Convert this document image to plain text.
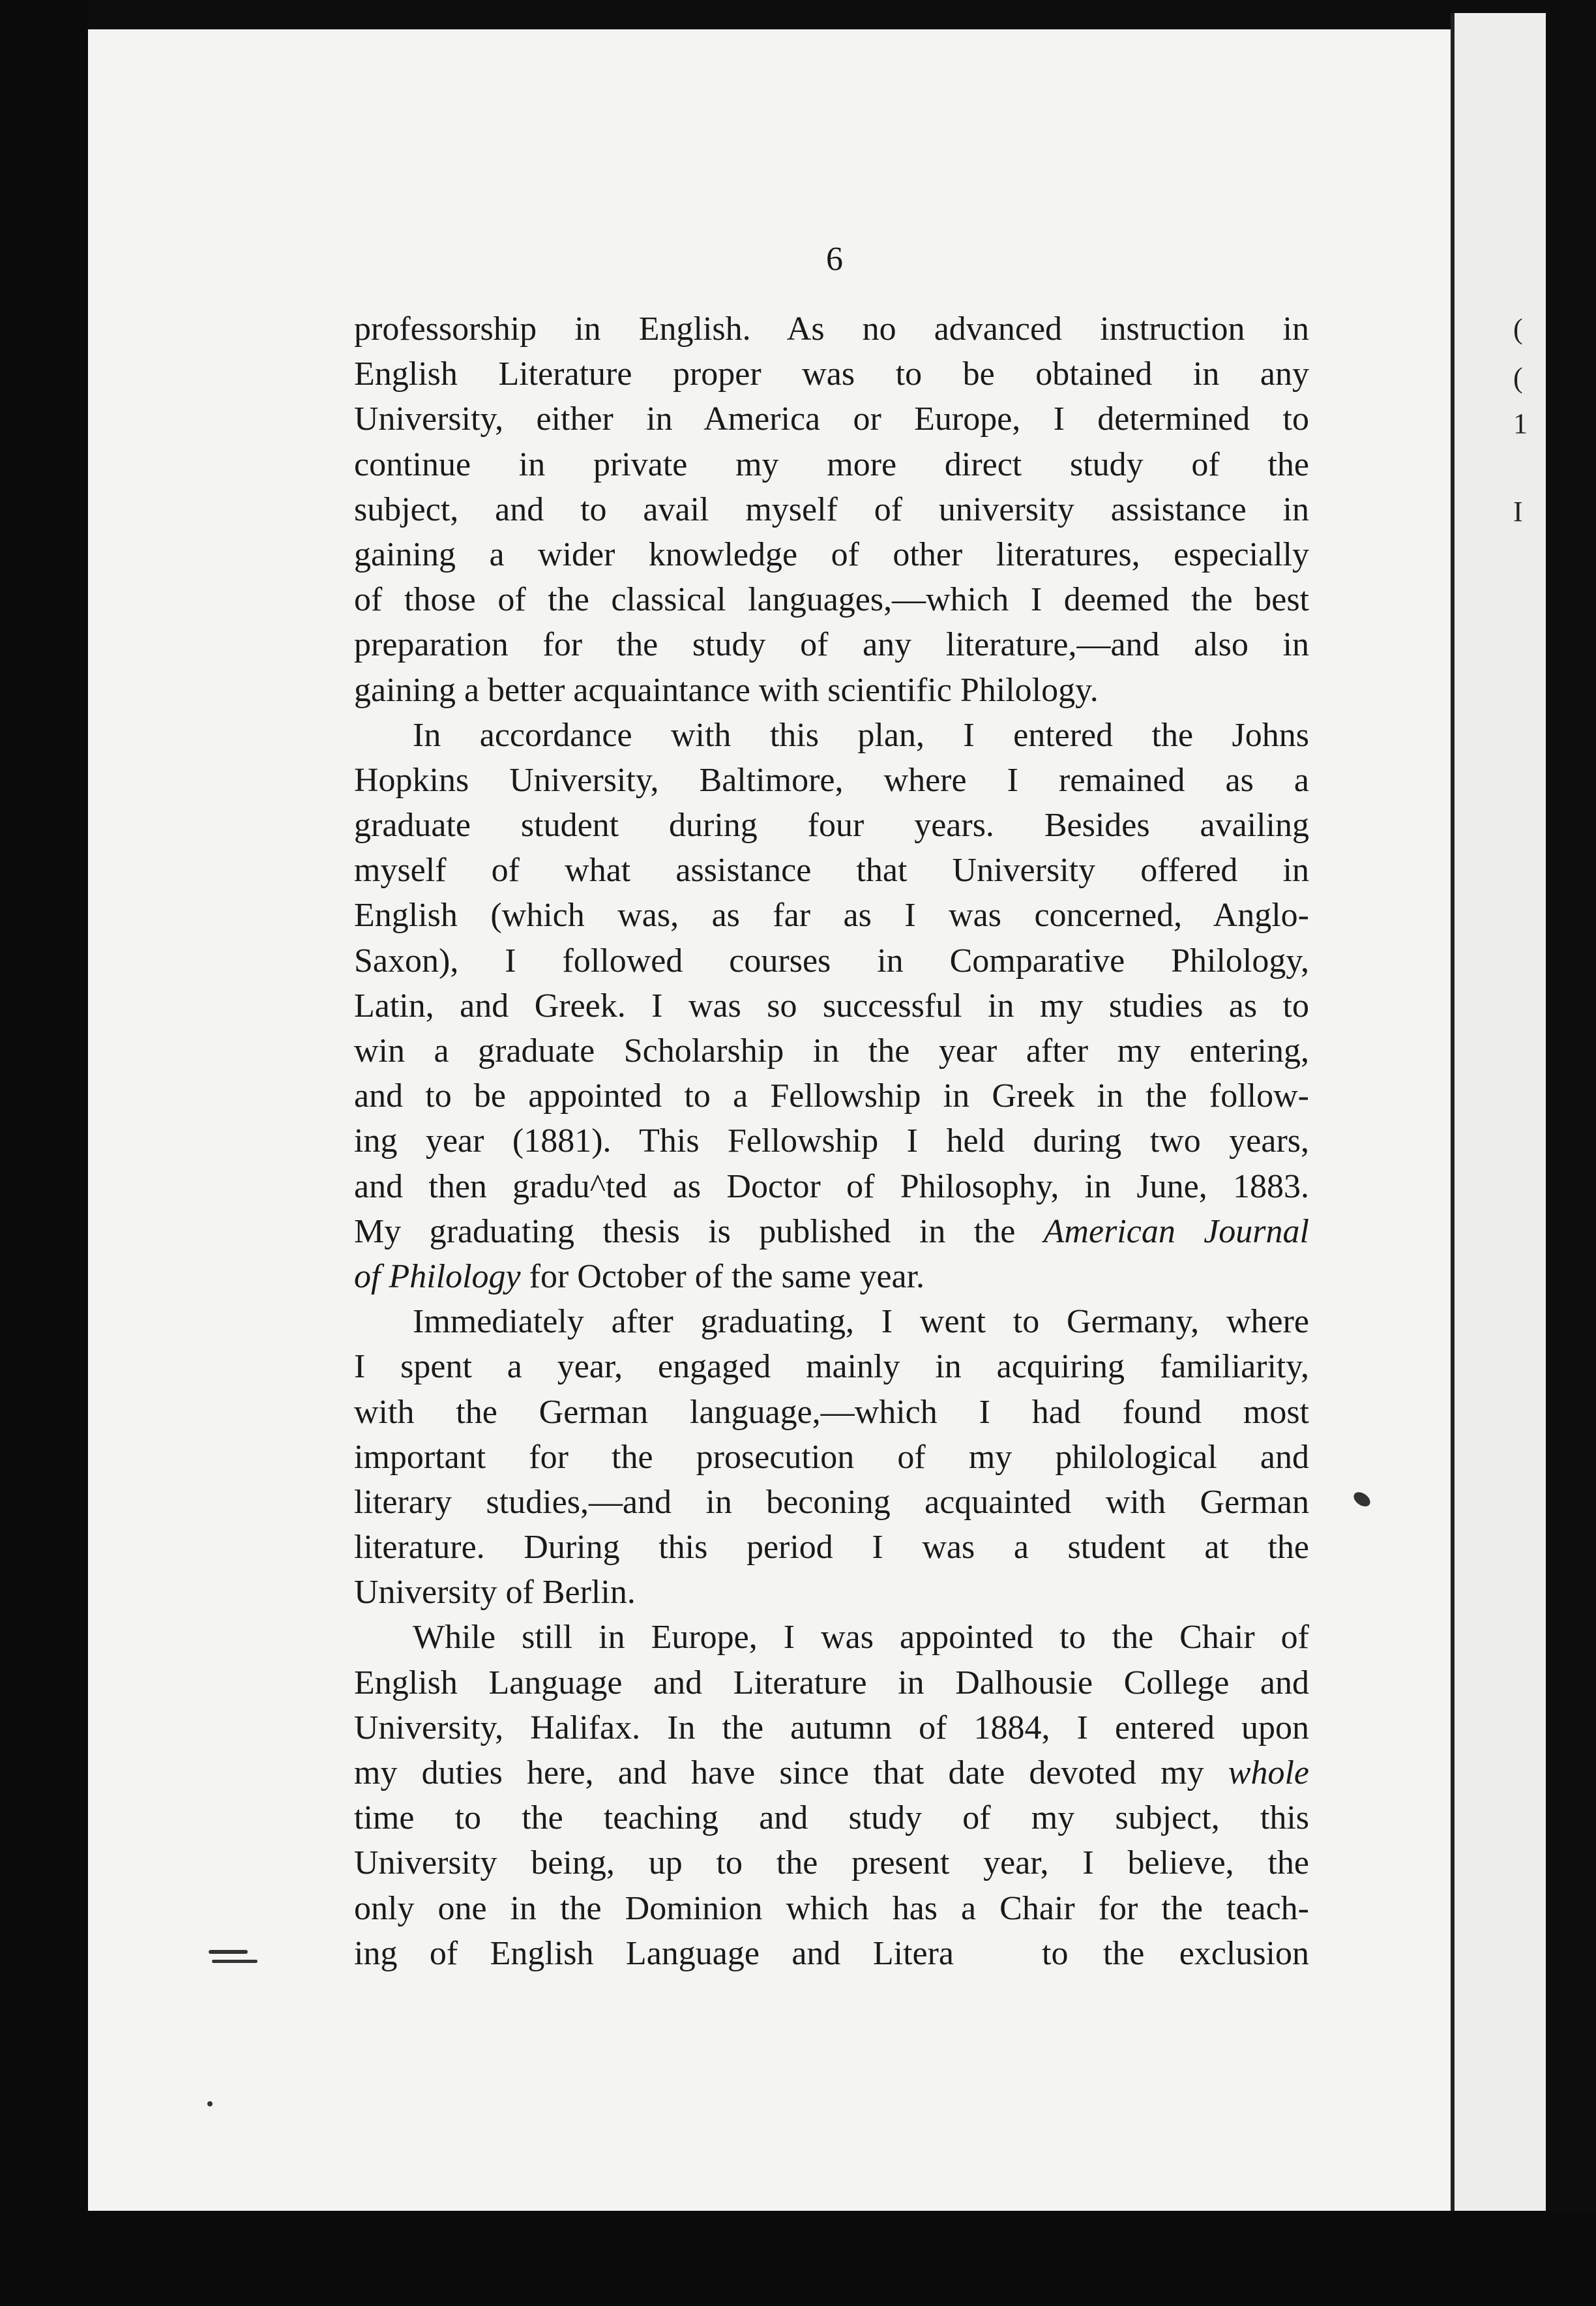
(
(
1
I
6
professorship in English. As no advanced instruction in
English Literature proper was to be obtained in any
University, either in America or Europe, I determined to
continue in private my more direct study of the
subject, and to avail myself of university assistance in
gaining a wider knowledge of other literatures, especially
of those of the classical languages,—which I deemed the best
preparation for the study of any literature,—and also in
gaining a better acquaintance with scientific Philology.
In accordance with this plan, I entered the Johns
Hopkins University, Baltimore, where I remained as a
graduate student during four years. Besides availing
myself of what assistance that University offered in
English (which was, as far as I was concerned, Anglo-
Saxon), I followed courses in Comparative Philology,
Latin, and Greek. I was so successful in my studies as to
win a graduate Scholarship in the year after my entering,
and to be appointed to a Fellowship in Greek in the follow-
ing year (1881). This Fellowship I held during two years,
and then gradu^ted as Doctor of Philosophy, in June, 1883.
My graduating thesis is published in the American Journal
of Philology for October of the same year.
Immediately after graduating, I went to Germany, where
I spent a year, engaged mainly in acquiring familiarity,
with the German language,—which I had found most
important for the prosecution of my philological and
literary studies,—and in beconing acquainted with German
literature. During this period I was a student at the
University of Berlin.
While still in Europe, I was appointed to the Chair of
English Language and Literature in Dalhousie College and
University, Halifax. In the autumn of 1884, I entered upon
my duties here, and have since that date devoted my whole
time to the teaching and study of my subject, this
University being, up to the present year, I believe, the
only one in the Dominion which has a Chair for the teach-
ing of English Language and Litera	to the exclusion
